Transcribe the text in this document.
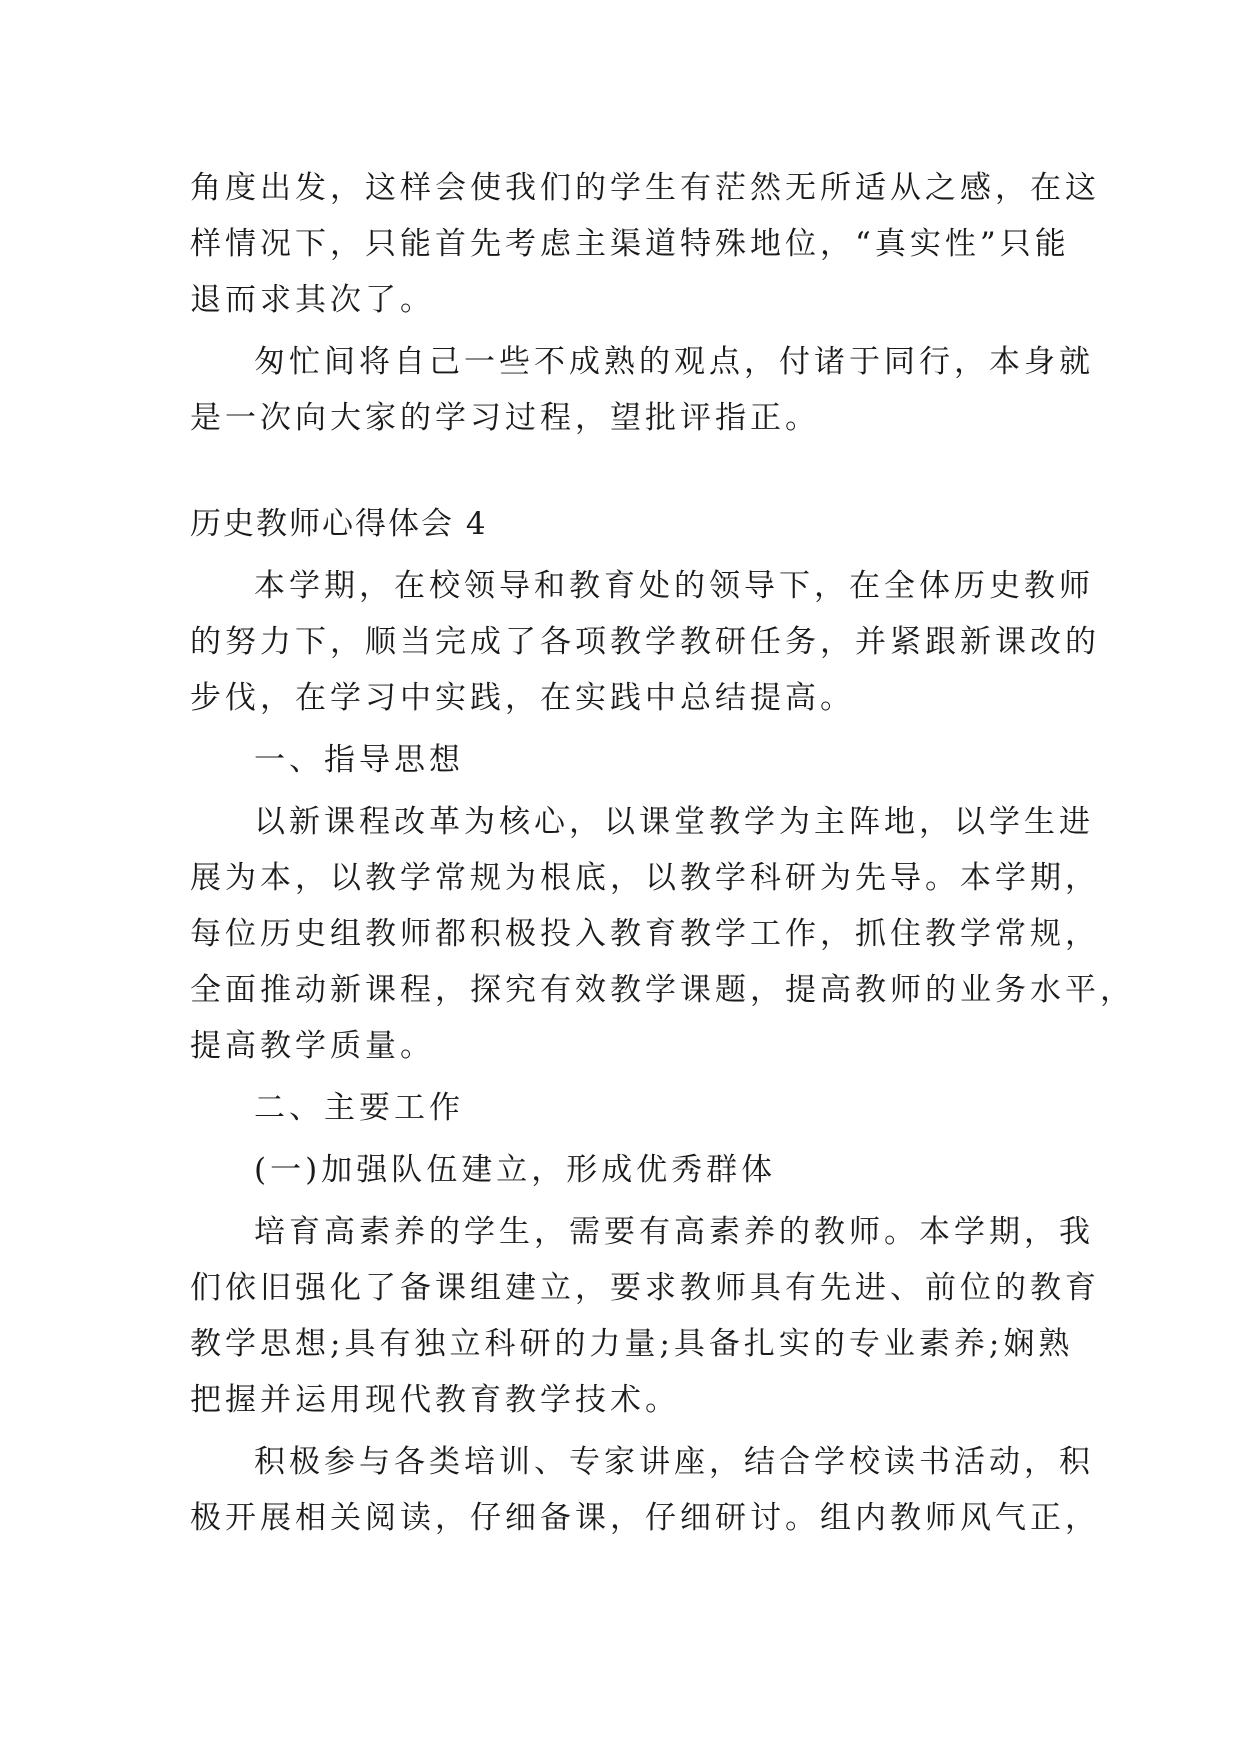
角度出发，这样会使我们的学生有茫然无所适从之感，在这
样情况下，只能首先考虑主渠道特殊地位，“真实性”只能
退而求其次了。
匆忙间将自己一些不成熟的观点，付诸于同行，本身就
是一次向大家的学习过程，望批评指正。
历史教师心得体会 4
本学期，在校领导和教育处的领导下，在全体历史教师
的努力下，顺当完成了各项教学教研任务，并紧跟新课改的
步伐，在学习中实践，在实践中总结提高。
一、指导思想
以新课程改革为核心，以课堂教学为主阵地，以学生进
展为本，以教学常规为根底，以教学科研为先导。本学期，
每位历史组教师都积极投入教育教学工作，抓住教学常规，
全面推动新课程，探究有效教学课题，提高教师的业务水平，
提高教学质量。
二、主要工作
(一)加强队伍建立，形成优秀群体
培育高素养的学生，需要有高素养的教师。本学期，我
们依旧强化了备课组建立，要求教师具有先进、前位的教育
教学思想;具有独立科研的力量;具备扎实的专业素养;娴熟
把握并运用现代教育教学技术。
积极参与各类培训、专家讲座，结合学校读书活动，积
极开展相关阅读，仔细备课，仔细研讨。组内教师风气正，
